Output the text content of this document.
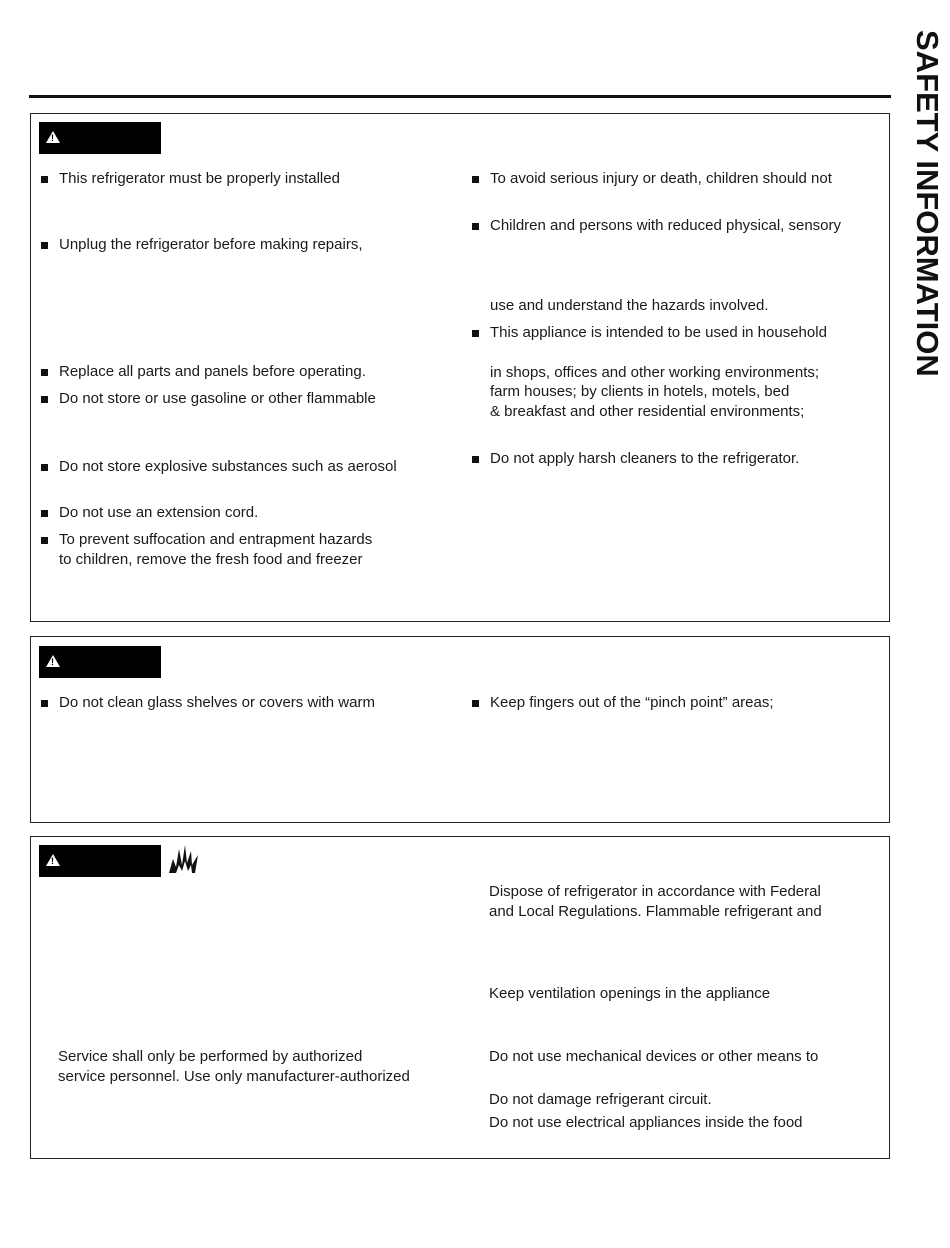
SAFETY INFORMATION
!
This refrigerator must be properly installed
Unplug the refrigerator before making repairs,
Replace all parts and panels before operating.
Do not store or use gasoline or other flammable
Do not store explosive substances such as aerosol
Do not use an extension cord.
To prevent suffocation and entrapment hazards
to children, remove the fresh food and freezer
To avoid serious injury or death, children should not
Children and persons with reduced physical, sensory
use and understand the hazards involved.
This appliance is intended to be used in household
in shops, offices and other working environments;
farm houses; by clients in hotels, motels, bed
& breakfast and other residential environments;
Do not apply harsh cleaners to the refrigerator.
!
Do not clean glass shelves or covers with warm	Keep fingers out of the “pinch point” areas;
!
Service shall only be performed by authorized
service personnel. Use only manufacturer-authorized
Dispose of refrigerator in accordance with Federal
and Local Regulations. Flammable refrigerant and
Keep ventilation openings in the appliance
Do not use mechanical devices or other means to
Do not damage refrigerant circuit.
Do not use electrical appliances inside the food
